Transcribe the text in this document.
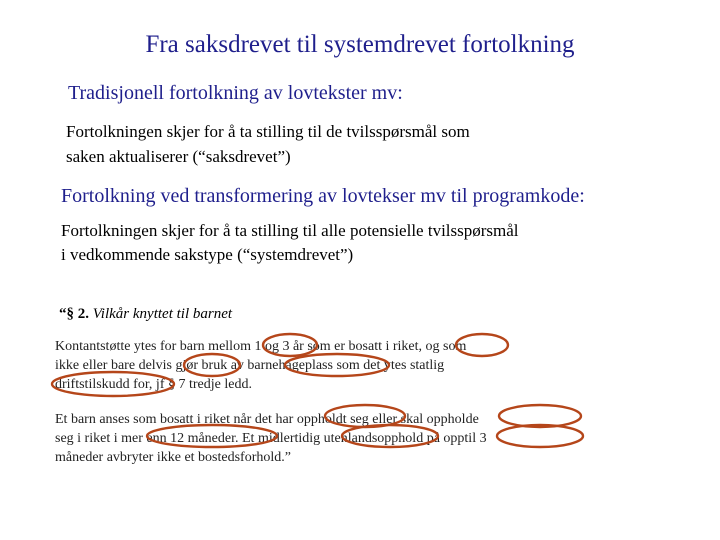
Fra saksdrevet til systemdrevet fortolkning
Tradisjonell fortolkning av lovtekster mv:
Fortolkningen skjer for å ta stilling til de tvilsspørsmål som
saken aktualiserer (“saksdrevet”)
Fortolkning ved transformering av lovtekser mv til programkode:
Fortolkningen skjer for å ta stilling til alle potensielle tvilsspørsmål
i vedkommende sakstype (“systemdrevet”)
“§ 2. Vilkår knyttet til barnet
Kontantstøtte ytes for barn mellom 1 og 3 år som er bosatt i riket, og som
ikke eller bare delvis gjør bruk av barnehageplass som det ytes statlig
driftstilskudd for, jf § 7 tredje ledd.
Et barn anses som bosatt i riket når det har oppholdt seg eller skal oppholde
seg i riket i mer enn 12 måneder. Et midlertidig utenlandsopphold på opptil 3
måneder avbryter ikke et bostedsforhold.”
